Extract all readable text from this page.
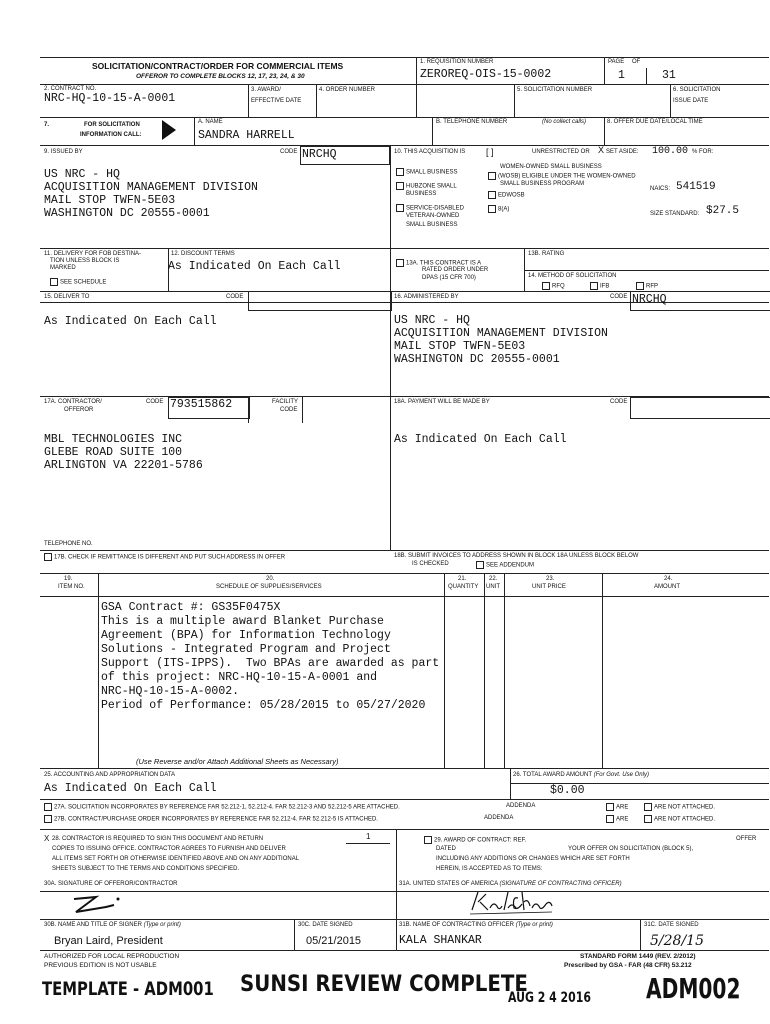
SOLICITATION/CONTRACT/ORDER FOR COMMERCIAL ITEMS
OFFEROR TO COMPLETE BLOCKS 12, 17, 23, 24, & 30
1. REQUISITION NUMBER
ZEROREQ-OIS-15-0002
PAGE OF
1	31
2. CONTRACT NO.
NRC-HQ-10-15-A-0001
3. AWARD/
EFFECTIVE DATE
4. ORDER NUMBER	5. SOLICITATION NUMBER	6. SOLICITATION
ISSUE DATE
7.	FOR SOLICITATION
INFORMATION CALL:
A. NAME
SANDRA HARRELL
B. TELEPHONE NUMBER	(No collect calls)	8. OFFER DUE DATE/LOCAL TIME
9. ISSUED BY	CODE NRCHQ
US NRC - HQ
ACQUISITION MANAGEMENT DIVISION
MAIL STOP TWFN-5E03
WASHINGTON DC 20555-0001
10. THIS ACQUISITION IS [ ]	UNRESTRICTED OR X SET ASIDE: 100.00 % FOR:
SMALL BUSINESS
HUBZONE SMALL
BUSINESS
SERVICE-DISABLED
VETERAN-OWNED
SMALL BUSINESS
WOMEN-OWNED SMALL BUSINESS
(WOSB) ELIGIBLE UNDER THE WOMEN-OWNED
SMALL BUSINESS PROGRAM
EDWOSB
8(A)
NAICS: 541519
SIZE STANDARD: $27.5
11. DELIVERY FOR FOB DESTINA-
TION UNLESS BLOCK IS
MARKED
SEE SCHEDULE
12. DISCOUNT TERMS
As Indicated On Each Call	13A. THIS CONTRACT IS A
RATED ORDER UNDER
DPAS (15 CFR 700)
13B. RATING
14. METHOD OF SOLICITATION
RFQ	IFB	RFP
15. DELIVER TO	CODE
As Indicated On Each Call
16. ADMINISTERED BY	CODE NRCHQ
US NRC - HQ
ACQUISITION MANAGEMENT DIVISION
MAIL STOP TWFN-5E03
WASHINGTON DC 20555-0001
17A. CONTRACTOR/
OFFEROR
CODE 793515862	FACILITY
CODE
MBL TECHNOLOGIES INC
GLEBE ROAD SUITE 100
ARLINGTON VA 22201-5786
TELEPHONE NO.
17B. CHECK IF REMITTANCE IS DIFFERENT AND PUT SUCH ADDRESS IN OFFER
18A. PAYMENT WILL BE MADE BY	CODE
As Indicated On Each Call
18B. SUBMIT INVOICES TO ADDRESS SHOWN IN BLOCK 18A UNLESS BLOCK BELOW
IS CHECKED	SEE ADDENDUM
19.
ITEM NO.
20.
SCHEDULE OF SUPPLIES/SERVICES
21.
QUANTITY
22.
UNIT
23.
UNIT PRICE
24.
AMOUNT
GSA Contract #: GS35F0475X
This is a multiple award Blanket Purchase
Agreement (BPA) for Information Technology
Solutions - Integrated Program and Project
Support (ITS-IPPS).  Two BPAs are awarded as part
of this project: NRC-HQ-10-15-A-0001 and
NRC-HQ-10-15-A-0002.
Period of Performance: 05/28/2015 to 05/27/2020
(Use Reverse and/or Attach Additional Sheets as Necessary)
25. ACCOUNTING AND APPROPRIATION DATA
As Indicated On Each Call
26. TOTAL AWARD AMOUNT (For Govt. Use Only)
$0.00
27A. SOLICITATION INCORPORATES BY REFERENCE FAR 52.212-1, 52.212-4. FAR 52.212-3 AND 52.212-5 ARE ATTACHED.	ADDENDA	ARE	ARE NOT ATTACHED.
27B. CONTRACT/PURCHASE ORDER INCORPORATES BY REFERENCE FAR 52.212-4. FAR 52.212-5 IS ATTACHED.	ADDENDA	ARE	ARE NOT ATTACHED.
X 28. CONTRACTOR IS REQUIRED TO SIGN THIS DOCUMENT AND RETURN	1
COPIES TO ISSUING OFFICE. CONTRACTOR AGREES TO FURNISH AND DELIVER
ALL ITEMS SET FORTH OR OTHERWISE IDENTIFIED ABOVE AND ON ANY ADDITIONAL
SHEETS SUBJECT TO THE TERMS AND CONDITIONS SPECIFIED.
29. AWARD OF CONTRACT: REF.	OFFER
DATED	YOUR OFFER ON SOLICITATION (BLOCK 5),
INCLUDING ANY ADDITIONS OR CHANGES WHICH ARE SET FORTH
HEREIN, IS ACCEPTED AS TO ITEMS:
30A. SIGNATURE OF OFFEROR/CONTRACTOR	31A. UNITED STATES OF AMERICA (SIGNATURE OF CONTRACTING OFFICER)
30B. NAME AND TITLE OF SIGNER (Type or print)
Bryan Laird, President
30C. DATE SIGNED
05/21/2015
31B. NAME OF CONTRACTING OFFICER (Type or print)
KALA SHANKAR
31C. DATE SIGNED
5/28/15
AUTHORIZED FOR LOCAL REPRODUCTION
PREVIOUS EDITION IS NOT USABLE
STANDARD FORM 1449 (REV. 2/2012)
Prescribed by GSA - FAR (48 CFR) 53.212
TEMPLATE - ADM001 SUNSI REVIEW COMPLETE
AUG 2 4 2016 ADM002
